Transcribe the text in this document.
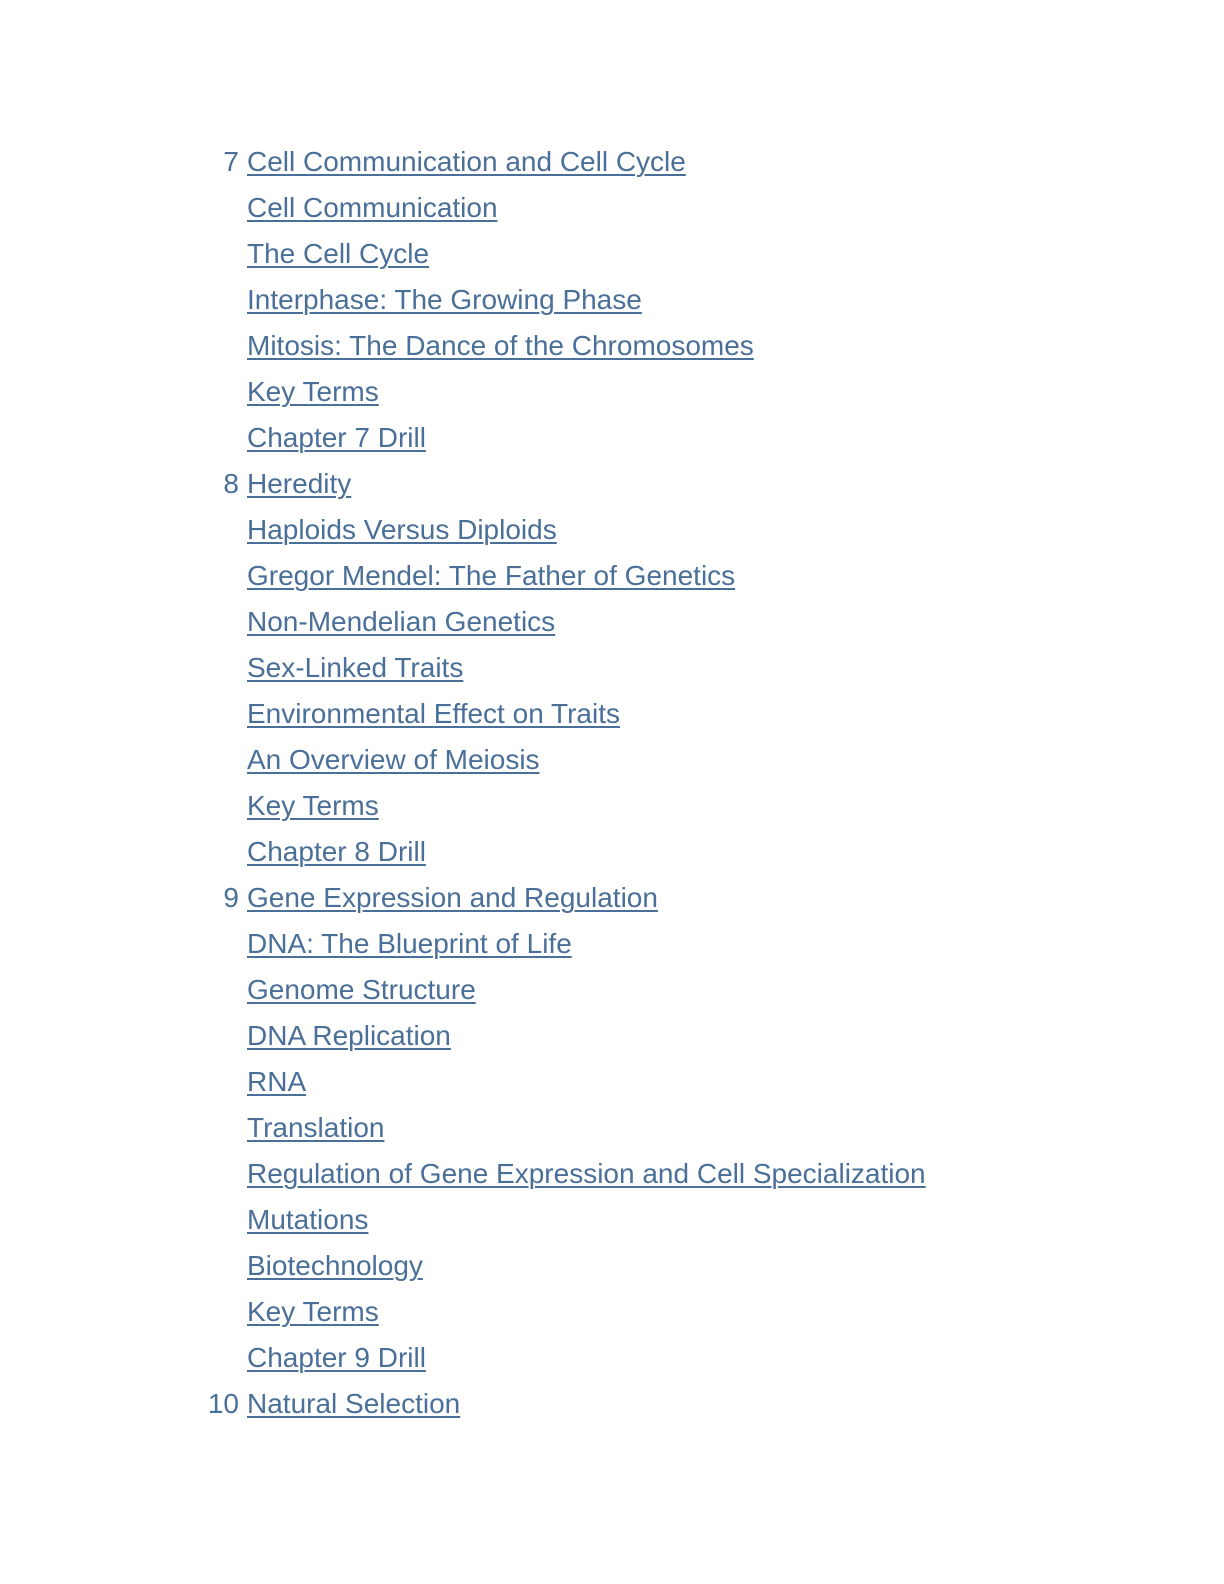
7 Cell Communication and Cell Cycle
Cell Communication
The Cell Cycle
Interphase: The Growing Phase
Mitosis: The Dance of the Chromosomes
Key Terms
Chapter 7 Drill
8 Heredity
Haploids Versus Diploids
Gregor Mendel: The Father of Genetics
Non-Mendelian Genetics
Sex-Linked Traits
Environmental Effect on Traits
An Overview of Meiosis
Key Terms
Chapter 8 Drill
9 Gene Expression and Regulation
DNA: The Blueprint of Life
Genome Structure
DNA Replication
RNA
Translation
Regulation of Gene Expression and Cell Specialization
Mutations
Biotechnology
Key Terms
Chapter 9 Drill
10 Natural Selection
